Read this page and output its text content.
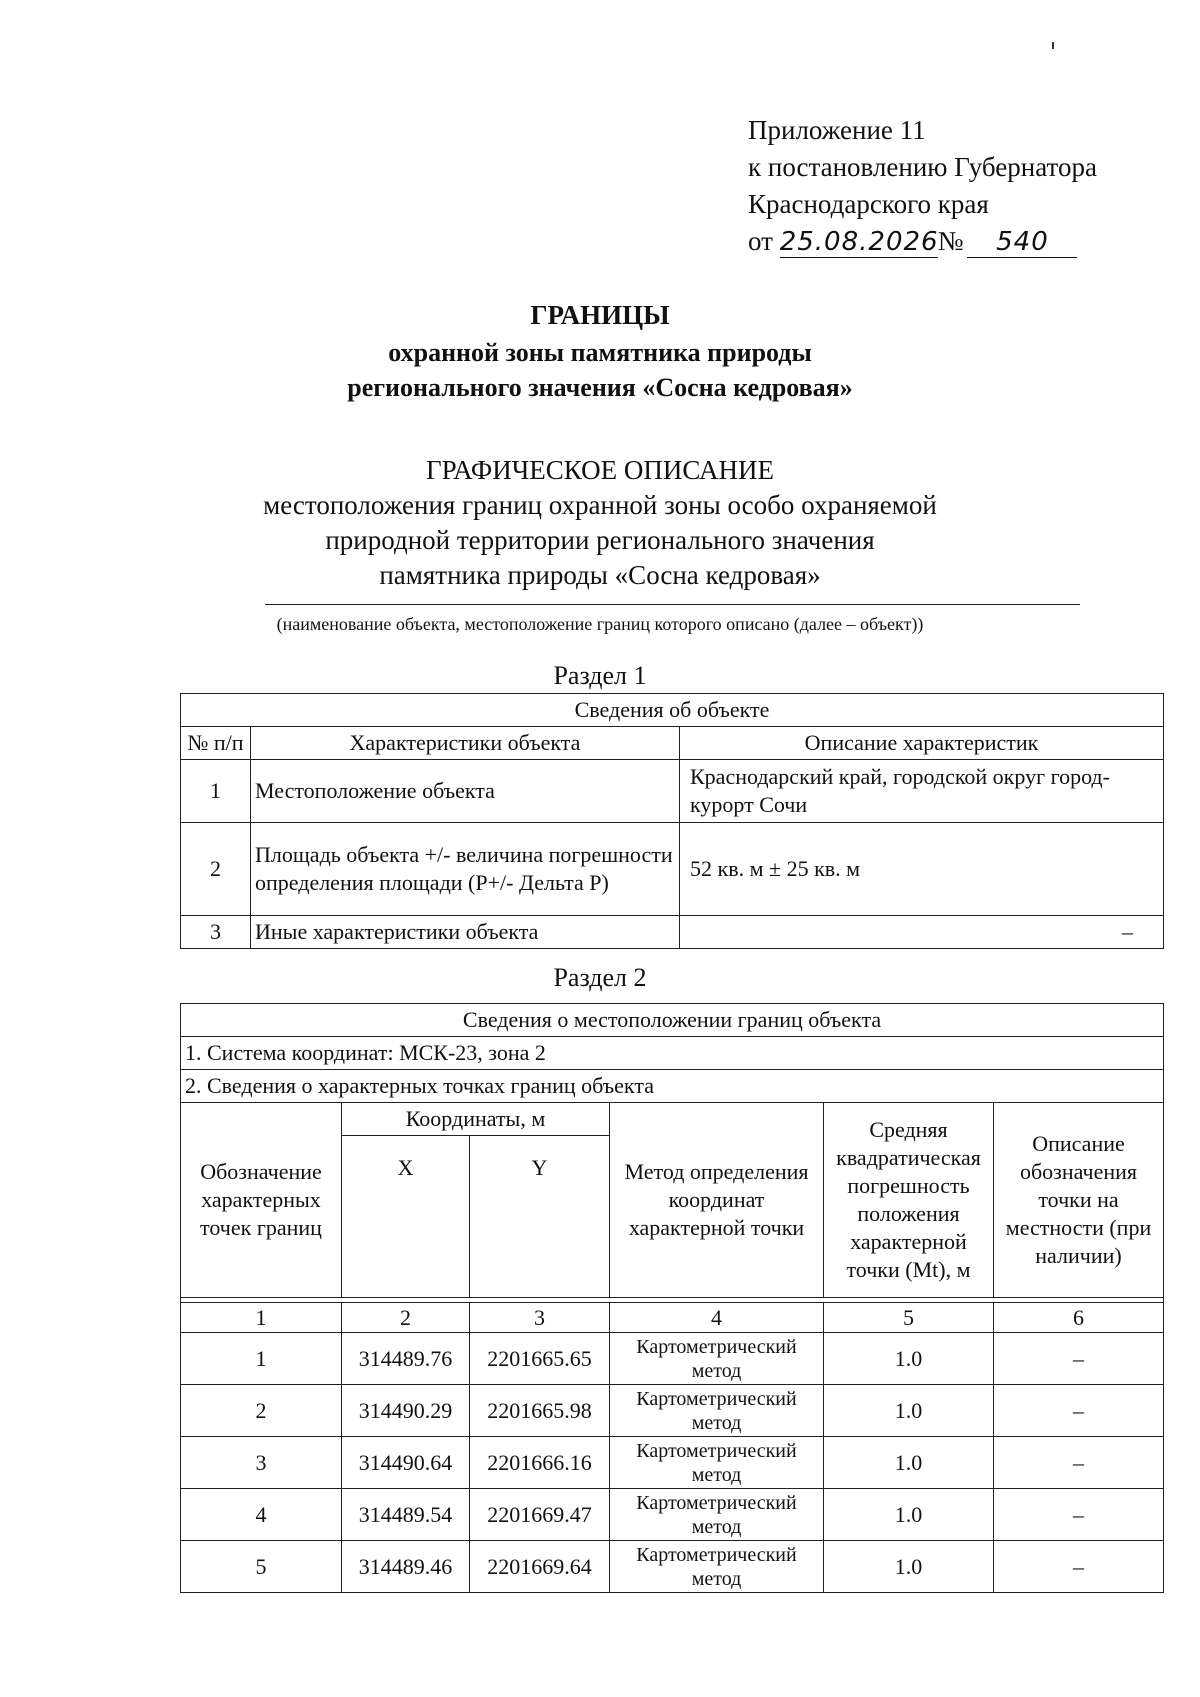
Приложение 11
к постановлению Губернатора
Краснодарского края
от 25.08.2026№ 540
ГРАНИЦЫ
охранной зоны памятника природы
регионального значения «Сосна кедровая»
ГРАФИЧЕСКОЕ ОПИСАНИЕ
местоположения границ охранной зоны особо охраняемой
природной территории регионального значения
памятника природы «Сосна кедровая»
(наименование объекта, местоположение границ которого описано (далее – объект))
Раздел 1
Сведения об объекте		
№ п/п	Характеристики объекта	Описание характеристик
1	Местоположение объекта	Краснодарский край, городской округ город-курорт Сочи
2	Площадь объекта +/- величина погрешности определения площади (Р+/- Дельта Р)	52 кв. м ± 25 кв. м
3	Иные характеристики объекта	–
Раздел 2
Сведения о местоположении границ объекта					
1. Система координат: МСК-23, зона 2					
2. Сведения о характерных точках границ объекта					
Обозначение характерных точек границ	Координаты, м		Метод определения координат характерной точки	Средняя квадратическая погрешность положения характерной точки (Mt), м	Описание обозначения точки на местности (при наличии)
	X	Y			

1	2	3	4	5	6
1	314489.76	2201665.65	Картометрический метод	1.0	–
2	314490.29	2201665.98	Картометрический метод	1.0	–
3	314490.64	2201666.16	Картометрический метод	1.0	–
4	314489.54	2201669.47	Картометрический метод	1.0	–
5	314489.46	2201669.64	Картометрический метод	1.0	–
